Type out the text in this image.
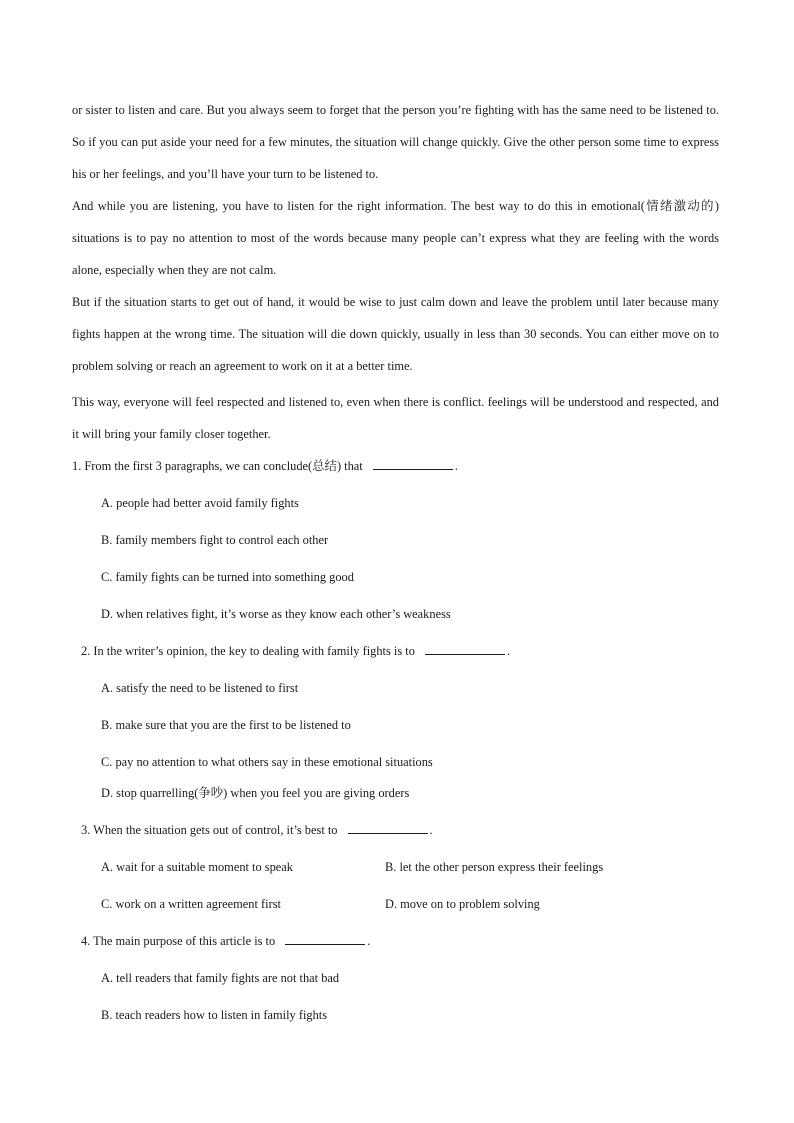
or sister to listen and care. But you always seem to forget that the person you’re fighting with has the same need to be listened to. So if you can put aside your need for a few minutes, the situation will change quickly. Give the other person some time to express his or her feelings, and you’ll have your turn to be listened to.

And while you are listening, you have to listen for the right information. The best way to do this in emotional(情绪激动的) situations is to pay no attention to most of the words because many people can’t express what they are feeling with the words alone, especially when they are not calm.

But if the situation starts to get out of hand, it would be wise to just calm down and leave the problem until later because many fights happen at the wrong time. The situation will die down quickly, usually in less than 30 seconds. You can either move on to problem solving or reach an agreement to work on it at a better time.

This way, everyone will feel respected and listened to, even when there is conflict. feelings will be understood and respected, and it will bring your family closer together.

1. From the first 3 paragraphs, we can conclude(总结) that	.
A. people had better avoid family fights
B. family members fight to control each other
C. family fights can be turned into something good
D. when relatives fight, it’s worse as they know each other’s weakness
2. In the writer’s opinion, the key to dealing with family fights is to	.
A. satisfy the need to be listened to first
B. make sure that you are the first to be listened to
C. pay no attention to what others say in these emotional situations
D. stop quarrelling(争吵) when you feel you are giving orders
3. When the situation gets out of control, it’s best to	.
A. wait for a suitable moment to speak	B. let the other person express their feelings
C. work on a written agreement first	D. move on to problem solving
4. The main purpose of this article is to	.
A. tell readers that family fights are not that bad
B. teach readers how to listen in family fights
